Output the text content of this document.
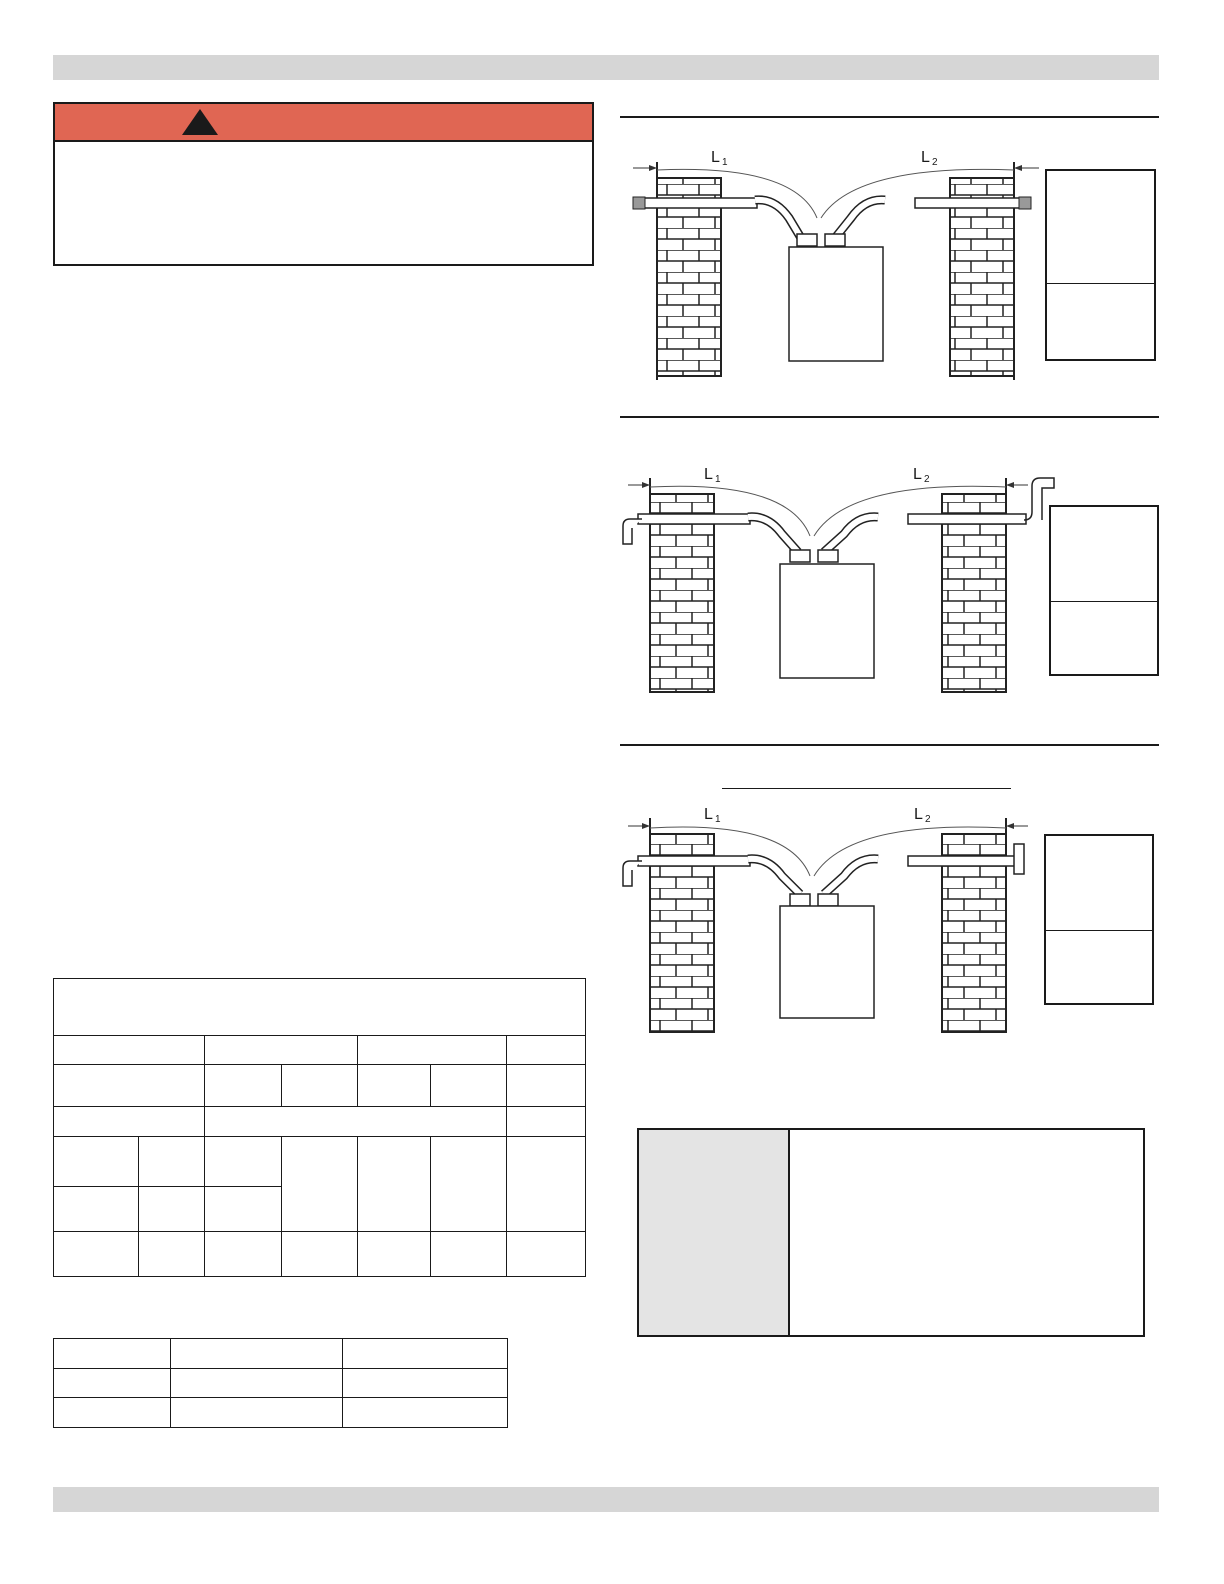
L 1	L 2
L 1	L 2
L 1	L 2
